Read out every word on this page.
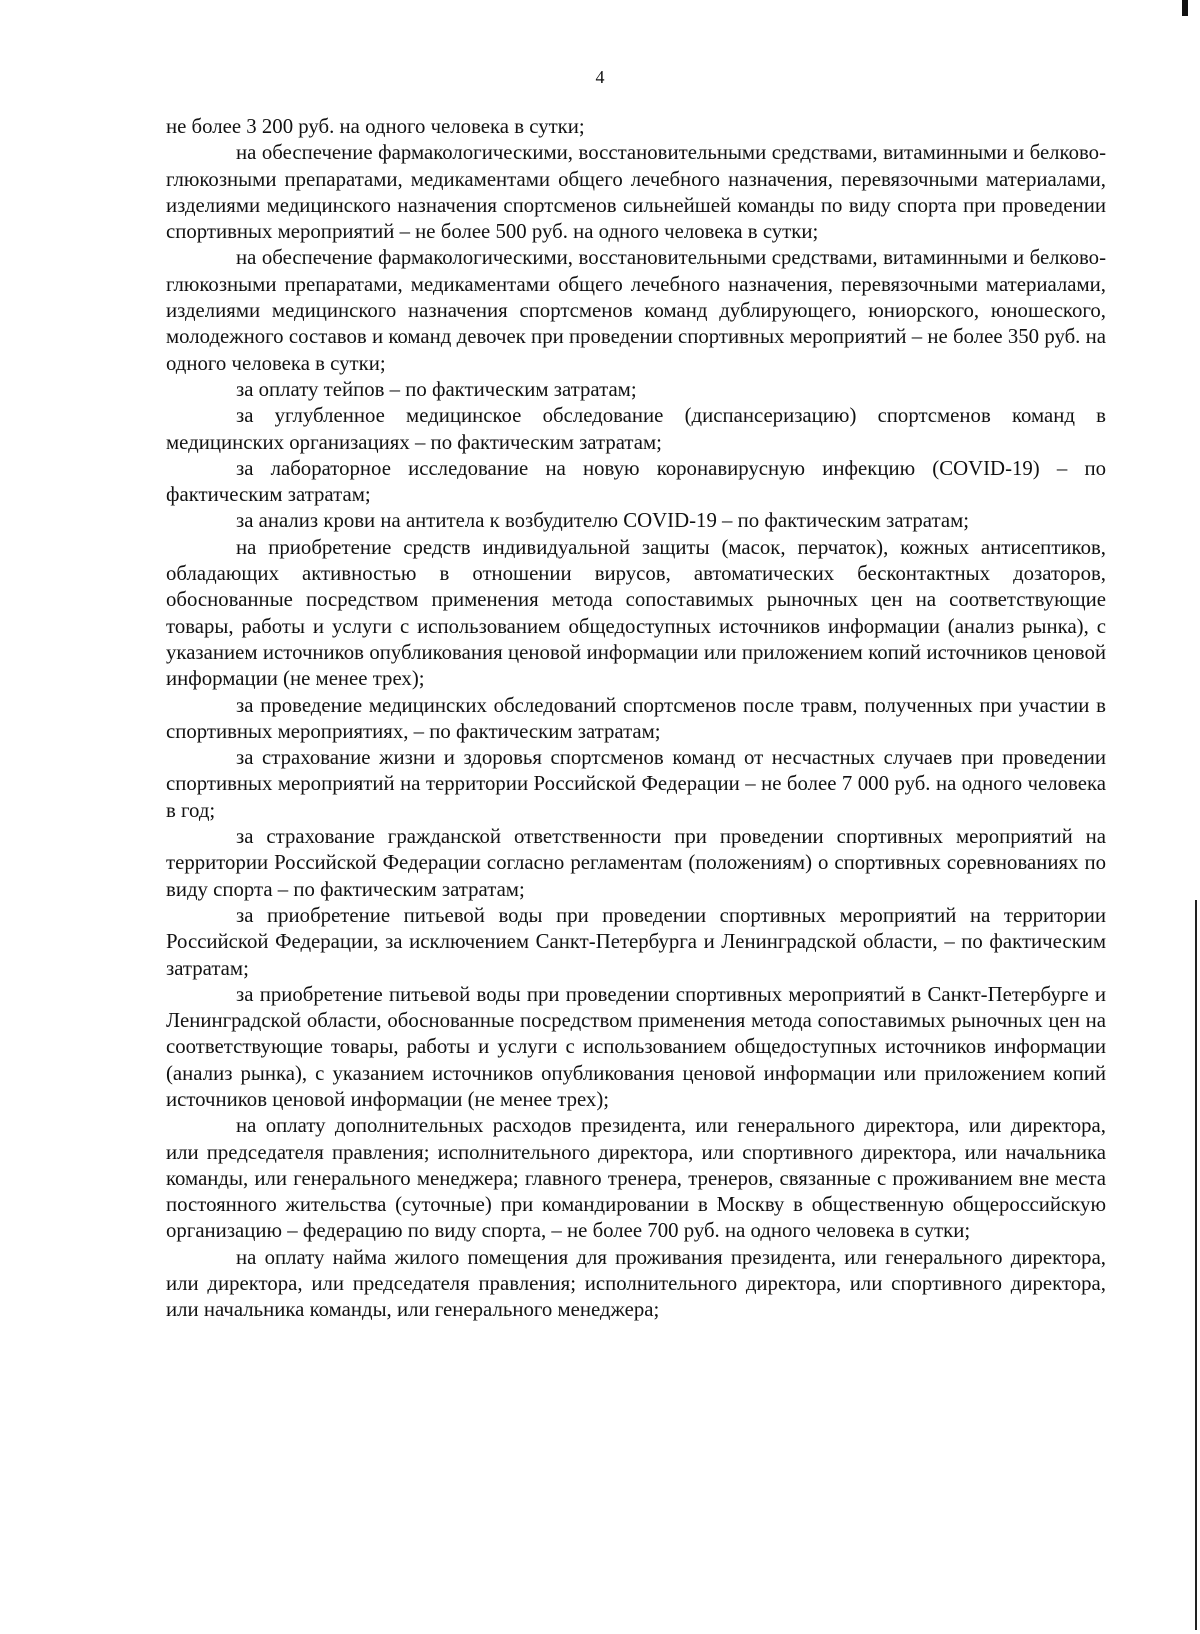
4

не более 3 200 руб. на одного человека в сутки;

на обеспечение фармакологическими, восстановительными средствами, витаминными и белково-глюкозными препаратами, медикаментами общего лечебного назначения, перевязочными материалами, изделиями медицинского назначения спортсменов сильнейшей команды по виду спорта при проведении спортивных мероприятий – не более 500 руб. на одного человека в сутки;

на обеспечение фармакологическими, восстановительными средствами, витаминными и белково-глюкозными препаратами, медикаментами общего лечебного назначения, перевязочными материалами, изделиями медицинского назначения спортсменов команд дублирующего, юниорского, юношеского, молодежного составов и команд девочек при проведении спортивных мероприятий – не более 350 руб. на одного человека в сутки;

за оплату тейпов – по фактическим затратам;

за углубленное медицинское обследование (диспансеризацию) спортсменов команд в медицинских организациях – по фактическим затратам;

за лабораторное исследование на новую коронавирусную инфекцию (COVID-19) – по фактическим затратам;

за анализ крови на антитела к возбудителю COVID-19 – по фактическим затратам;

на приобретение средств индивидуальной защиты (масок, перчаток), кожных антисептиков, обладающих активностью в отношении вирусов, автоматических бесконтактных дозаторов, обоснованные посредством применения метода сопоставимых рыночных цен на соответствующие товары, работы и услуги с использованием общедоступных источников информации (анализ рынка), с указанием источников опубликования ценовой информации или приложением копий источников ценовой информации (не менее трех);

за проведение медицинских обследований спортсменов после травм, полученных при участии в спортивных мероприятиях, – по фактическим затратам;

за страхование жизни и здоровья спортсменов команд от несчастных случаев при проведении спортивных мероприятий на территории Российской Федерации – не более 7 000 руб. на одного человека в год;

за страхование гражданской ответственности при проведении спортивных мероприятий на территории Российской Федерации согласно регламентам (положениям) о спортивных соревнованиях по виду спорта – по фактическим затратам;

за приобретение питьевой воды при проведении спортивных мероприятий на территории Российской Федерации, за исключением Санкт-Петербурга и Ленинградской области, – по фактическим затратам;

за приобретение питьевой воды при проведении спортивных мероприятий в Санкт-Петербурге и Ленинградской области, обоснованные посредством применения метода сопоставимых рыночных цен на соответствующие товары, работы и услуги с использованием общедоступных источников информации (анализ рынка), с указанием источников опубликования ценовой информации или приложением копий источников ценовой информации (не менее трех);

на оплату дополнительных расходов президента, или генерального директора, или директора, или председателя правления; исполнительного директора, или спортивного директора, или начальника команды, или генерального менеджера; главного тренера, тренеров, связанные с проживанием вне места постоянного жительства (суточные) при командировании в Москву в общественную общероссийскую организацию – федерацию по виду спорта, – не более 700 руб. на одного человека в сутки;

на оплату найма жилого помещения для проживания президента, или генерального директора, или директора, или председателя правления; исполнительного директора, или спортивного директора, или начальника команды, или генерального менеджера;
